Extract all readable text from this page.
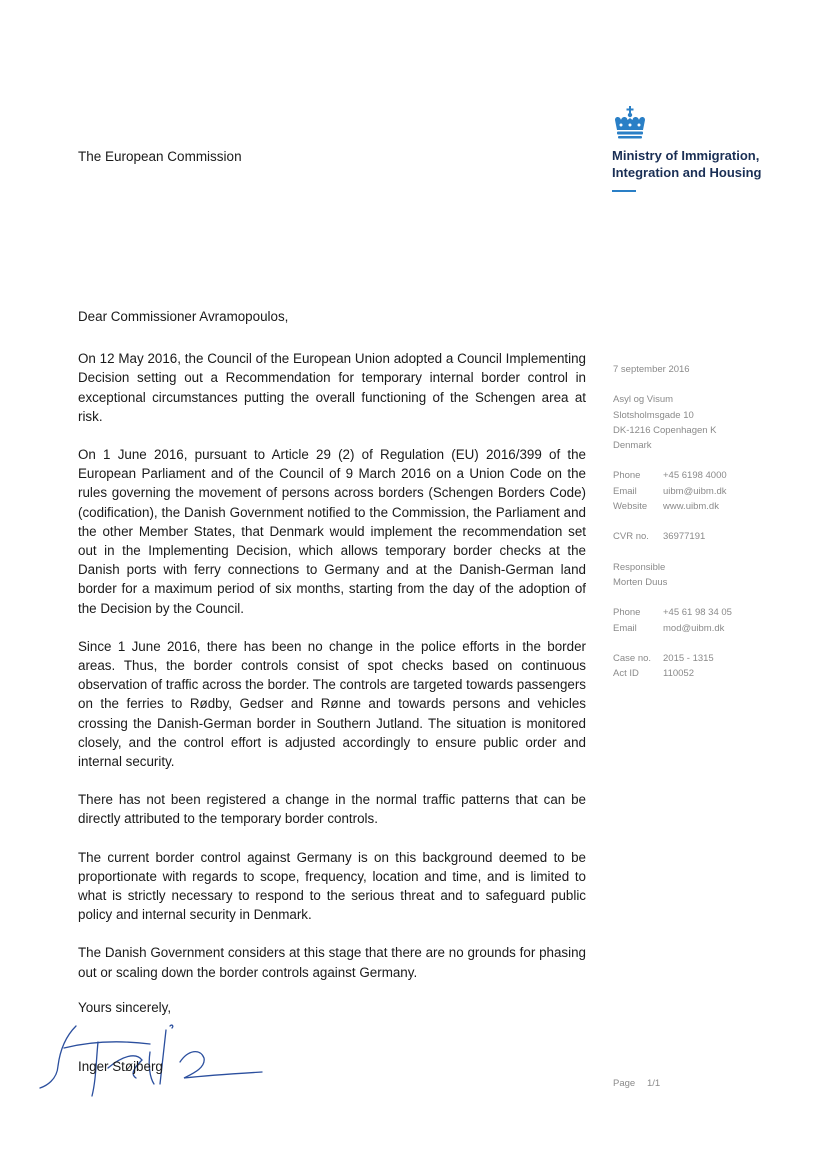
The European Commission	Ministry of Immigration,
Integration and Housing

Dear Commissioner Avramopoulos,

On 12 May 2016, the Council of the European Union adopted a Council Implementing Decision setting out a Recommendation for temporary internal border control in exceptional circumstances putting the overall functioning of the Schengen area at risk.

On 1 June 2016, pursuant to Article 29 (2) of Regulation (EU) 2016/399 of the European Parliament and of the Council of 9 March 2016 on a Union Code on the rules governing the movement of persons across borders (Schengen Borders Code) (codification), the Danish Government notified to the Commission, the Parliament and the other Member States, that Denmark would implement the recommendation set out in the Implementing Decision, which allows temporary border checks at the Danish ports with ferry connections to Germany and at the Danish-German land border for a maximum period of six months, starting from the day of the adoption of the Decision by the Council.

Since 1 June 2016, there has been no change in the police efforts in the border areas. Thus, the border controls consist of spot checks based on continuous observation of traffic across the border. The controls are targeted towards passengers on the ferries to Rødby, Gedser and Rønne and towards persons and vehicles crossing the Danish-German border in Southern Jutland. The situation is monitored closely, and the control effort is adjusted accordingly to ensure public order and internal security.

There has not been registered a change in the normal traffic patterns that can be directly attributed to the temporary border controls.

The current border control against Germany is on this background deemed to be proportionate with regards to scope, frequency, location and time, and is limited to what is strictly necessary to respond to the serious threat and to safeguard public policy and internal security in Denmark.

The Danish Government considers at this stage that there are no grounds for phasing out or scaling down the border controls against Germany.

Yours sincerely,
Inger Støjberg
7 september 2016
Asyl og Visum
Slotsholmsgade 10
DK-1216 Copenhagen K
Denmark
Phone	+45 6198 4000
Email	uibm@uibm.dk
Website	www.uibm.dk
CVR no.	36977191
Responsible
Morten Duus
Phone	+45 61 98 34 05
Email	mod@uibm.dk
Case no.	2015 - 1315
Act ID	110052
Page 1/1
